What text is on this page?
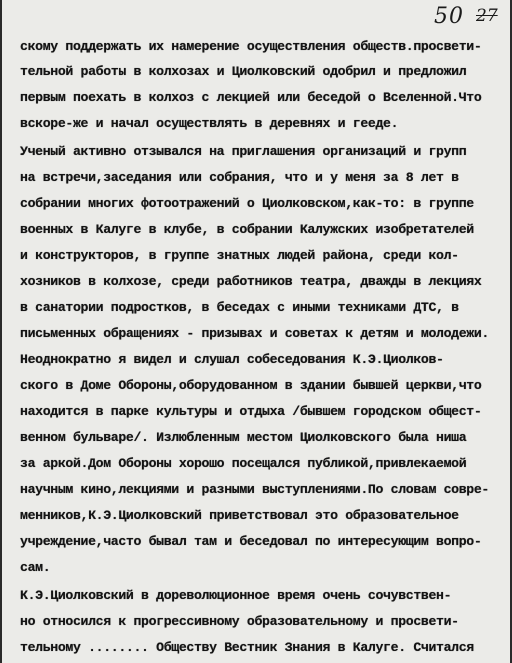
50 27
скому поддержать их намерение осуществления обществ.просвети-
тельной работы в колхозах и Циолковский одобрил и предложил
первым поехать в колхоз с лекцией или беседой о Вселенной.Что
вскоре-же и начал осуществлять в деревнях и гееде.
Ученый активно отзывался на приглашения организаций и групп
на встречи,заседания или собрания, что и у меня за 8 лет в
собрании многих фотоотражений о Циолковском,как-то: в группе
военных в Калуге в клубе, в собрании Калужских изобретателей
и конструкторов, в группе знатных людей района, среди кол-
хозников в колхозе, среди работников театра, дважды в лекциях
в санатории подростков, в беседах с иными техниками ДТС, в
письменных обращениях - призывах и советах к детям и молодежи.
Неоднократно я видел и слушал собеседования К.Э.Циолков-
ского в Доме Обороны,оборудованном в здании бывшей церкви,что
находится в парке культуры и отдыха /бывшем городском общест-
венном бульваре/. Излюбленным местом Циолковского была ниша
за аркой.Дом Обороны хорошо посещался публикой,привлекаемой
научным кино,лекциями и разными выступлениями.По словам совре-
менников,К.Э.Циолковский приветствовал это образовательное
учреждение,часто бывал там и беседовал по интересующим вопро-
сам.
К.Э.Циолковский в дореволюционное время очень сочувствен-
но относился к прогрессивному образовательному и просвети-
тельному ........ Обществу Вестник Знания в Калуге. Считался
